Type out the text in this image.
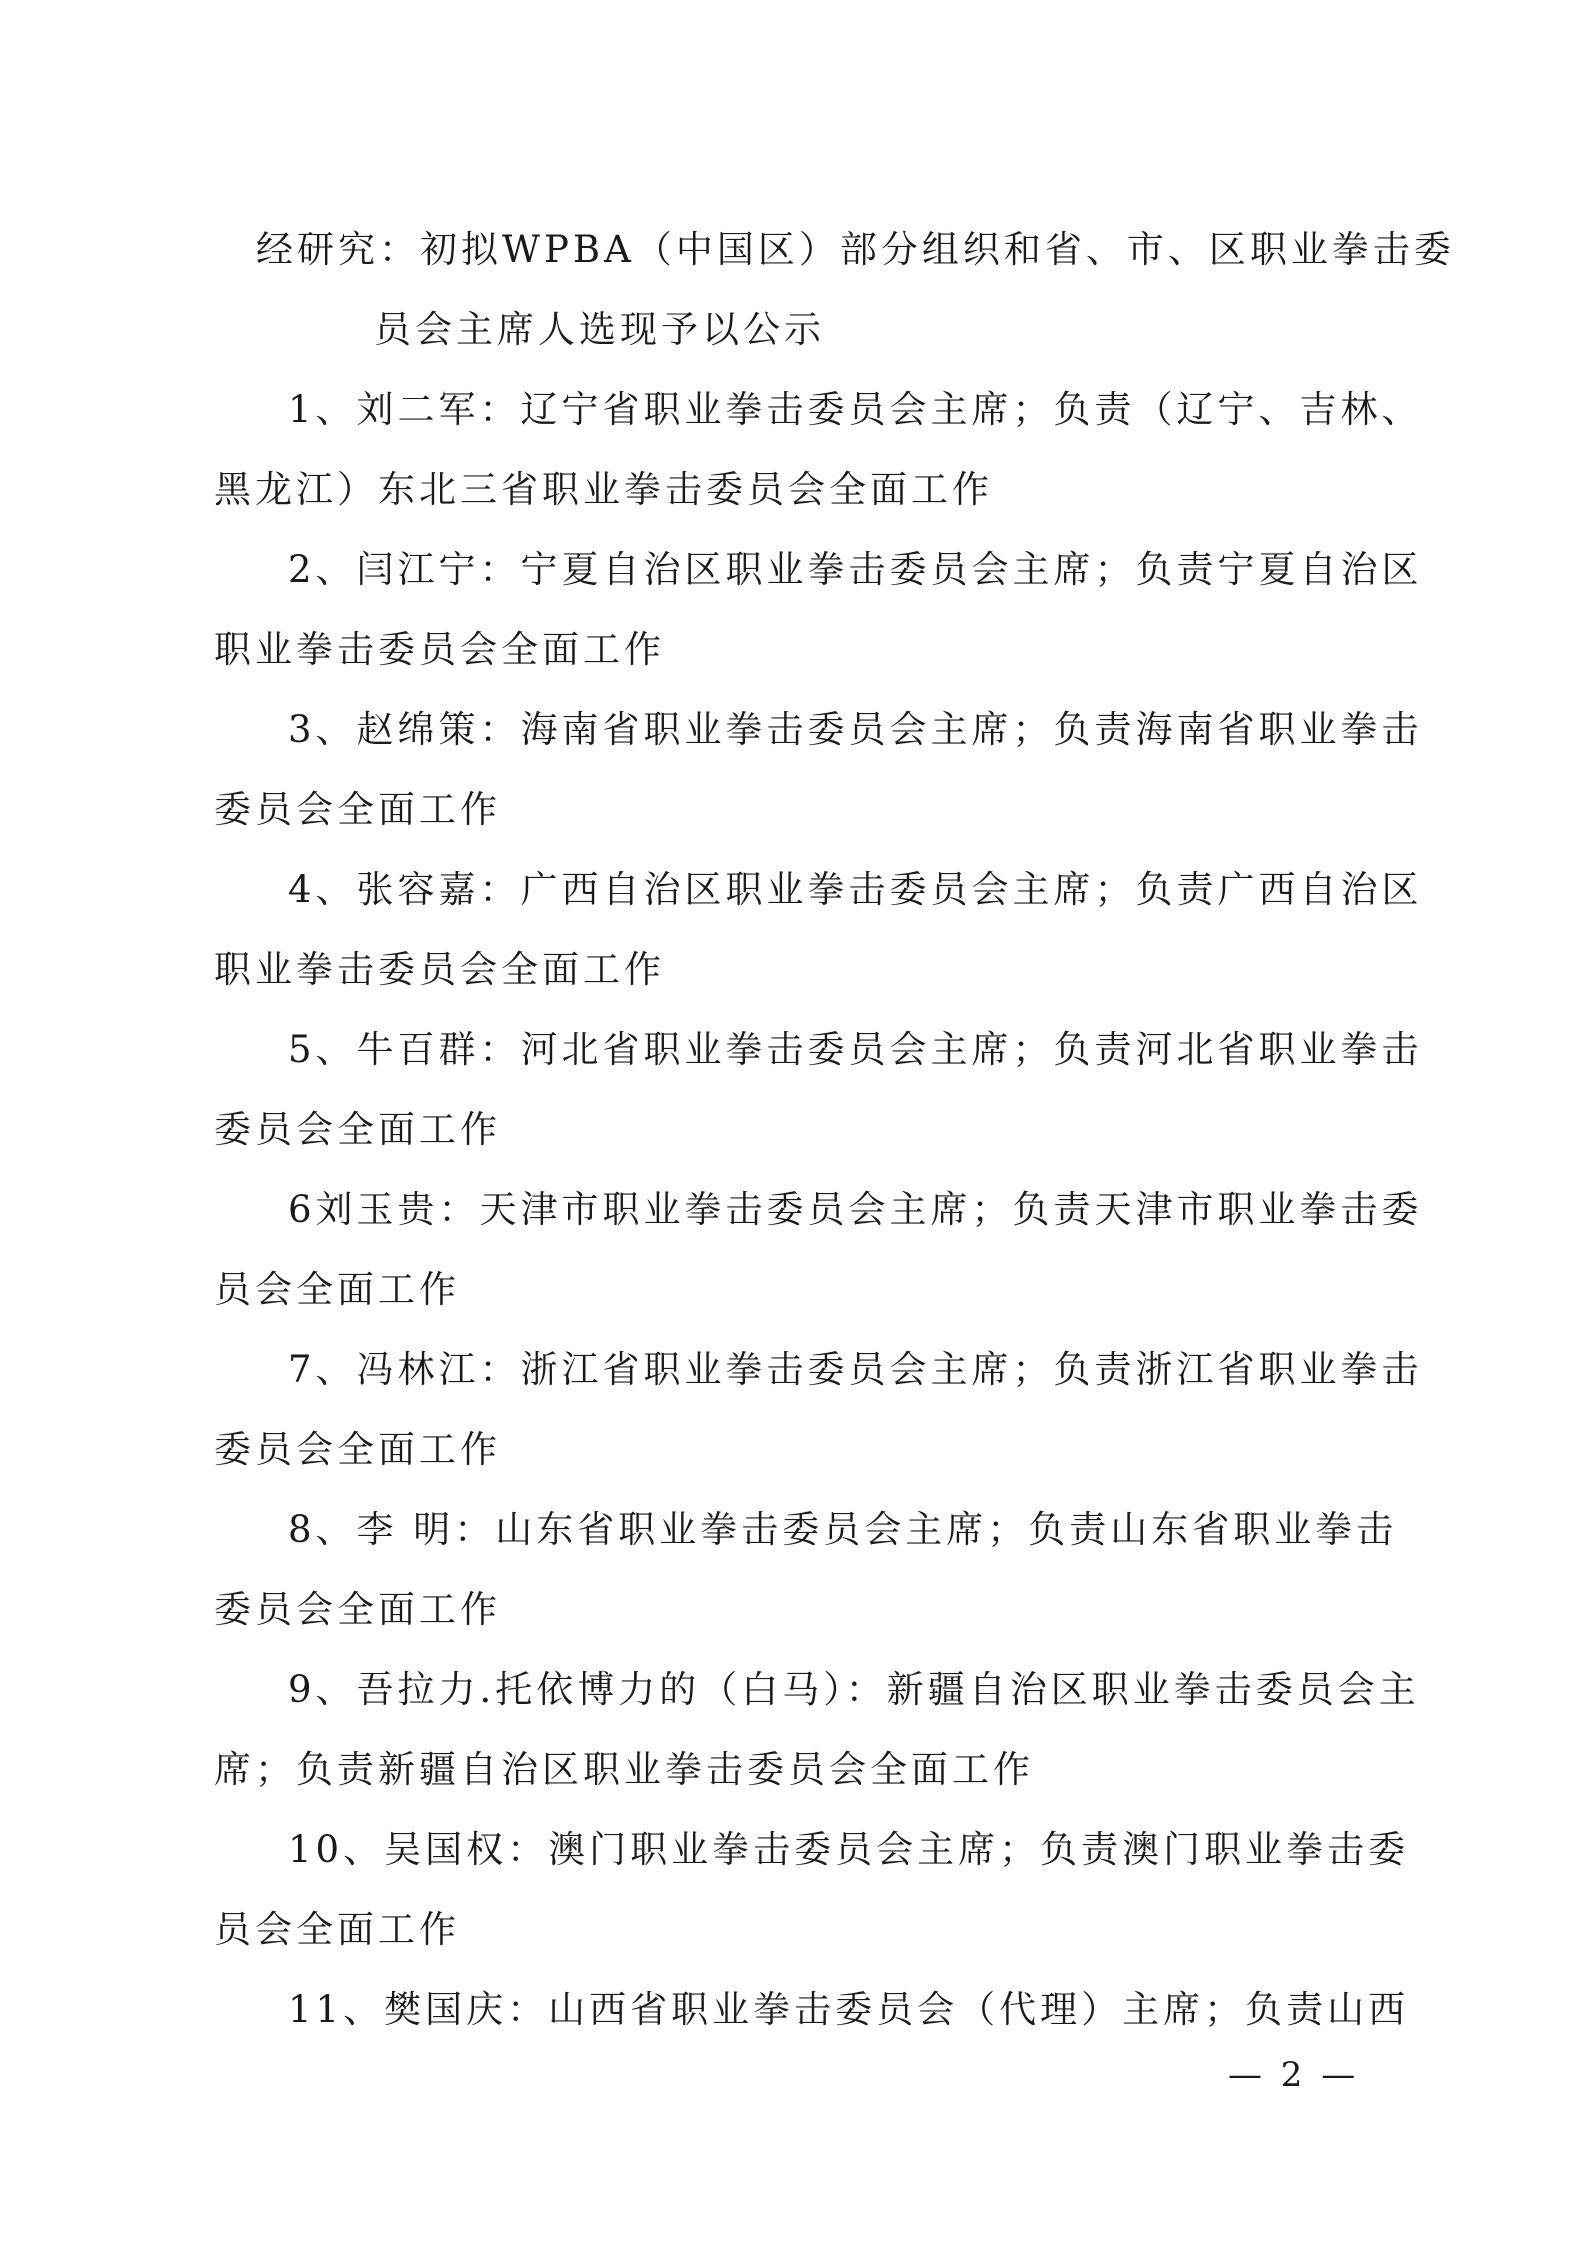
经研究：初拟WPBA（中国区）部分组织和省、市、区职业拳击委
员会主席人选现予以公示
1、刘二军：辽宁省职业拳击委员会主席；负责（辽宁、吉林、
黑龙江）东北三省职业拳击委员会全面工作
2、闫江宁：宁夏自治区职业拳击委员会主席；负责宁夏自治区
职业拳击委员会全面工作
3、赵绵策：海南省职业拳击委员会主席；负责海南省职业拳击
委员会全面工作
4、张容嘉：广西自治区职业拳击委员会主席；负责广西自治区
职业拳击委员会全面工作
5、牛百群：河北省职业拳击委员会主席；负责河北省职业拳击
委员会全面工作
6刘玉贵：天津市职业拳击委员会主席；负责天津市职业拳击委
员会全面工作
7、冯林江：浙江省职业拳击委员会主席；负责浙江省职业拳击
委员会全面工作
8、李 明：山东省职业拳击委员会主席；负责山东省职业拳击
委员会全面工作
9、吾拉力.托依博力的（白马）：新疆自治区职业拳击委员会主
席；负责新疆自治区职业拳击委员会全面工作
10、吴国权：澳门职业拳击委员会主席；负责澳门职业拳击委
员会全面工作
11、樊国庆：山西省职业拳击委员会（代理）主席；负责山西
— 2 —
